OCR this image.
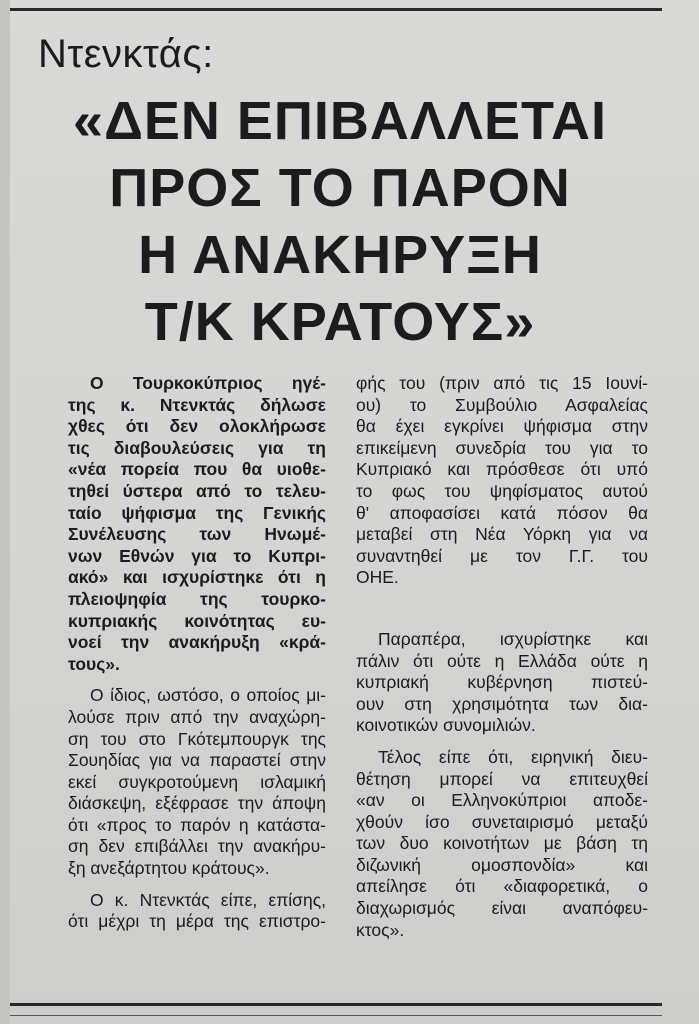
Ντενκτάς:
«ΔΕΝ ΕΠΙΒΑΛΛΕΤΑΙ
ΠΡΟΣ ΤΟ ΠΑΡΟΝ
Η ΑΝΑΚΗΡΥΞΗ
Τ/Κ ΚΡΑΤΟΥΣ»
Ο Τουρκοκύπριος ηγέ-
της κ. Ντενκτάς δήλωσε
χθες ότι δεν ολοκλήρωσε
τις διαβουλεύσεις για τη
«νέα πορεία που θα υιοθε-
τηθεί ύστερα από το τελευ-
ταίο ψήφισμα της Γενικής
Συνέλευσης των Ηνωμέ-
νων Εθνών για το Κυπρι-
ακό» και ισχυρίστηκε ότι η
πλειοψηφία της τουρκο-
κυπριακής κοινότητας ευ-
νοεί την ανακήρυξη «κρά-
τους».
Ο ίδιος, ωστόσο, ο οποίος μι-
λούσε πριν από την αναχώρη-
ση του στο Γκότεμπουργκ της
Σουηδίας για να παραστεί στην
εκεί συγκροτούμενη ισλαμική
διάσκεψη, εξέφρασε την άποψη
ότι «προς το παρόν η κατάστα-
ση δεν επιβάλλει την ανακήρυ-
ξη ανεξάρτητου κράτους».
Ο κ. Ντενκτάς είπε, επίσης,
ότι μέχρι τη μέρα της επιστρο-
φής του (πριν από τις 15 Ιουνί-
ου) το Συμβούλιο Ασφαλείας
θα έχει εγκρίνει ψήφισμα στην
επικείμενη συνεδρία του για το
Κυπριακό και πρόσθεσε ότι υπό
το φως του ψηφίσματος αυτού
θ' αποφασίσει κατά πόσον θα
μεταβεί στη Νέα Υόρκη για να
συναντηθεί με τον Γ.Γ. του
ΟΗΕ.
Παραπέρα, ισχυρίστηκε και
πάλιν ότι ούτε η Ελλάδα ούτε η
κυπριακή κυβέρνηση πιστεύ-
ουν στη χρησιμότητα των δια-
κοινοτικών συνομιλιών.
Τέλος είπε ότι, ειρηνική διευ-
θέτηση μπορεί να επιτευχθεί
«αν οι Ελληνοκύπριοι αποδε-
χθούν ίσο συνεταιρισμό μεταξύ
των δυο κοινοτήτων με βάση τη
διζωνική ομοσπονδία» και
απείλησε ότι «διαφορετικά, ο
διαχωρισμός είναι αναπόφευ-
κτος».
